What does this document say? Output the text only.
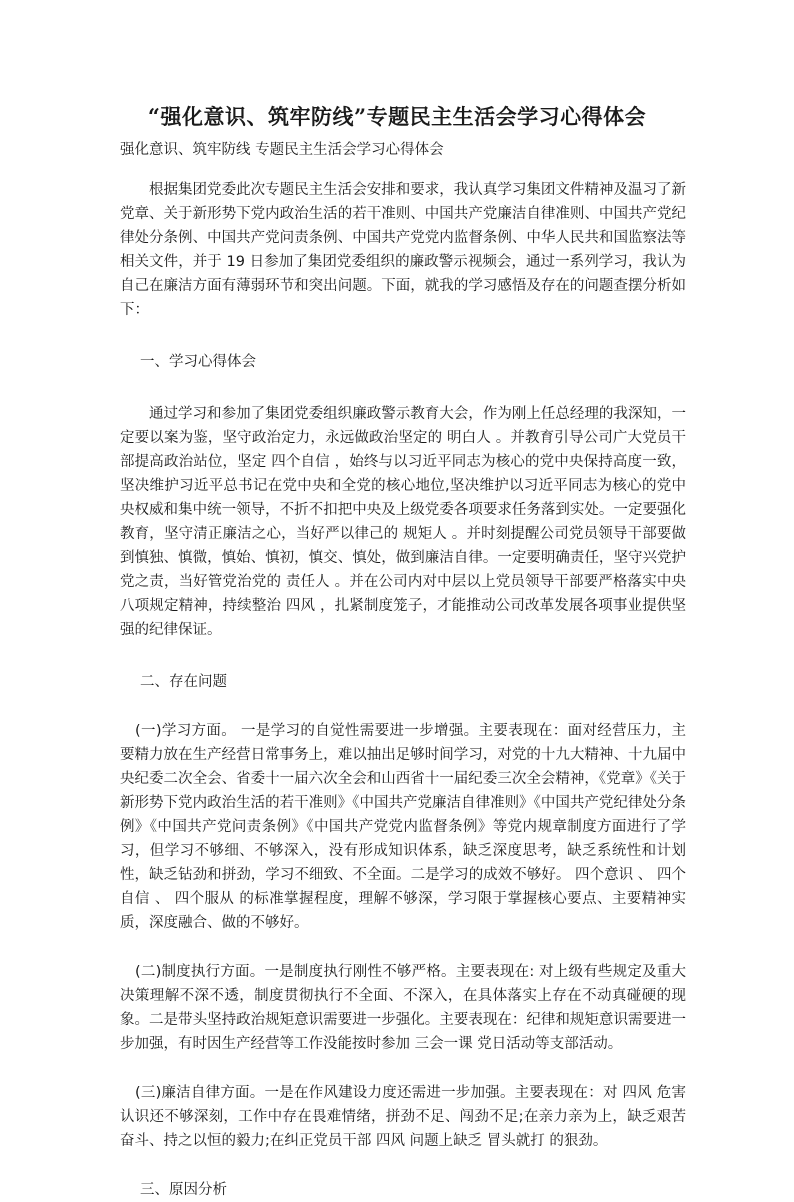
“强化意识、筑牢防线”专题民主生活会学习心得体会
强化意识、筑牢防线 专题民主生活会学习心得体会

根据集团党委此次专题民主生活会安排和要求，我认真学习集团文件精神及温习了新党章、关于新形势下党内政治生活的若干准则、中国共产党廉洁自律准则、中国共产党纪律处分条例、中国共产党问责条例、中国共产党党内监督条例、中华人民共和国监察法等相关文件，并于 19 日参加了集团党委组织的廉政警示视频会，通过一系列学习，我认为自己在廉洁方面有薄弱环节和突出问题。下面，就我的学习感悟及存在的问题查摆分析如下：

一、学习心得体会

通过学习和参加了集团党委组织廉政警示教育大会，作为刚上任总经理的我深知，一定要以案为鉴，坚守政治定力，永远做政治坚定的 明白人 。并教育引导公司广大党员干部提高政治站位，坚定 四个自信 ，始终与以习近平同志为核心的党中央保持高度一致，坚决维护习近平总书记在党中央和全党的核心地位,坚决维护以习近平同志为核心的党中央权威和集中统一领导，不折不扣把中央及上级党委各项要求任务落到实处。一定要强化教育，坚守清正廉洁之心，当好严以律己的 规矩人 。并时刻提醒公司党员领导干部要做到慎独、慎微，慎始、慎初，慎交、慎处，做到廉洁自律。一定要明确责任，坚守兴党护党之责，当好管党治党的 责任人 。并在公司内对中层以上党员领导干部要严格落实中央八项规定精神，持续整治 四风 ，扎紧制度笼子，才能推动公司改革发展各项事业提供坚强的纪律保证。

二、存在问题

(一)学习方面。 一是学习的自觉性需要进一步增强。主要表现在：面对经营压力，主要精力放在生产经营日常事务上，难以抽出足够时间学习，对党的十九大精神、十九届中央纪委二次全会、省委十一届六次全会和山西省十一届纪委三次全会精神，《党章》《关于新形势下党内政治生活的若干准则》《中国共产党廉洁自律准则》《中国共产党纪律处分条例》《中国共产党问责条例》《中国共产党党内监督条例》等党内规章制度方面进行了学习，但学习不够细、不够深入，没有形成知识体系，缺乏深度思考，缺乏系统性和计划性，缺乏钻劲和拼劲，学习不细致、不全面。二是学习的成效不够好。 四个意识 、 四个自信 、 四个服从 的标准掌握程度，理解不够深，学习限于掌握核心要点、主要精神实质，深度融合、做的不够好。

(二)制度执行方面。一是制度执行刚性不够严格。主要表现在: 对上级有些规定及重大决策理解不深不透，制度贯彻执行不全面、不深入，在具体落实上存在不动真碰硬的现象。二是带头坚持政治规矩意识需要进一步强化。主要表现在：纪律和规矩意识需要进一步加强，有时因生产经营等工作没能按时参加 三会一课 党日活动等支部活动。

(三)廉洁自律方面。一是在作风建设力度还需进一步加强。主要表现在：对 四风 危害认识还不够深刻，工作中存在畏难情绪，拼劲不足、闯劲不足;在亲力亲为上，缺乏艰苦奋斗、持之以恒的毅力;在纠正党员干部 四风 问题上缺乏 冒头就打 的狠劲。

三、原因分析
